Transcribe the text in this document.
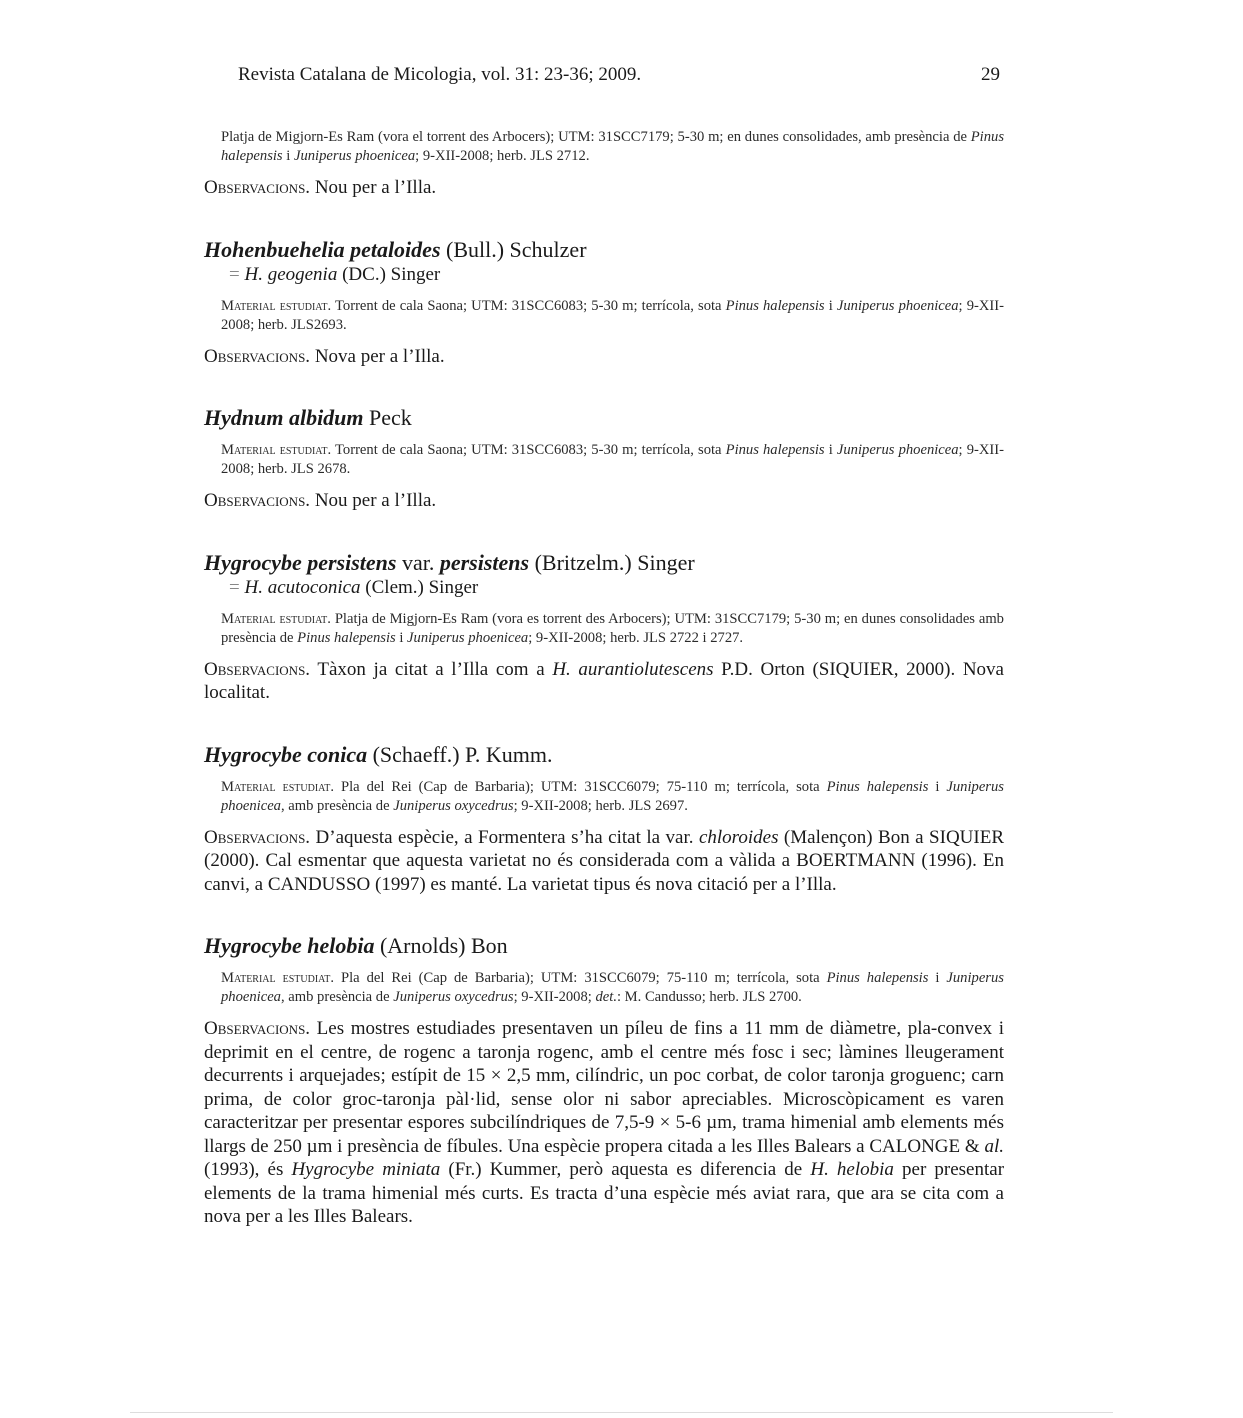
Revista Catalana de Micologia, vol. 31: 23-36; 2009.	29

Platja de Migjorn-Es Ram (vora el torrent des Arbocers); UTM: 31SCC7179; 5-30 m; en dunes consolidades, amb presència de Pinus halepensis i Juniperus phoenicea; 9-XII-2008; herb. JLS 2712.

Observacions. Nou per a l’Illa.

Hohenbuehelia petaloides (Bull.) Schulzer

= H. geogenia (DC.) Singer

Material estudiat. Torrent de cala Saona; UTM: 31SCC6083; 5-30 m; terrícola, sota Pinus halepensis i Juniperus phoenicea; 9-XII-2008; herb. JLS2693.

Observacions. Nova per a l’Illa.

Hydnum albidum Peck

Material estudiat. Torrent de cala Saona; UTM: 31SCC6083; 5-30 m; terrícola, sota Pinus halepensis i Juniperus phoenicea; 9-XII-2008; herb. JLS 2678.

Observacions. Nou per a l’Illa.

Hygrocybe persistens var. persistens (Britzelm.) Singer

= H. acutoconica (Clem.) Singer

Material estudiat. Platja de Migjorn-Es Ram (vora es torrent des Arbocers); UTM: 31SCC7179; 5-30 m; en dunes consolidades amb presència de Pinus halepensis i Juniperus phoenicea; 9-XII-2008; herb. JLS 2722 i 2727.

Observacions. Tàxon ja citat a l’Illa com a H. aurantiolutescens P.D. Orton (SIQUIER, 2000). Nova localitat.

Hygrocybe conica (Schaeff.) P. Kumm.

Material estudiat. Pla del Rei (Cap de Barbaria); UTM: 31SCC6079; 75-110 m; terrícola, sota Pinus halepensis i Juniperus phoenicea, amb presència de Juniperus oxycedrus; 9-XII-2008; herb. JLS 2697.

Observacions. D’aquesta espècie, a Formentera s’ha citat la var. chloroides (Malençon) Bon a SIQUIER (2000). Cal esmentar que aquesta varietat no és considerada com a vàlida a BOERTMANN (1996). En canvi, a CANDUSSO (1997) es manté. La varietat tipus és nova citació per a l’Illa.

Hygrocybe helobia (Arnolds) Bon

Material estudiat. Pla del Rei (Cap de Barbaria); UTM: 31SCC6079; 75-110 m; terrícola, sota Pinus halepensis i Juniperus phoenicea, amb presència de Juniperus oxycedrus; 9-XII-2008; det.: M. Candusso; herb. JLS 2700.

Observacions. Les mostres estudiades presentaven un píleu de fins a 11 mm de diàmetre, pla-convex i deprimit en el centre, de rogenc a taronja rogenc, amb el centre més fosc i sec; làmines lleugerament decurrents i arquejades; estípit de 15 × 2,5 mm, cilíndric, un poc corbat, de color taronja groguenc; carn prima, de color groc-taronja pàl·lid, sense olor ni sabor apreciables. Microscòpicament es varen caracteritzar per presentar espores subcilíndriques de 7,5-9 × 5-6 µm, trama himenial amb elements més llargs de 250 µm i presència de fíbules. Una espècie propera citada a les Illes Balears a CALONGE & al. (1993), és Hygrocybe miniata (Fr.) Kummer, però aquesta es diferencia de H. helobia per presentar elements de la trama himenial més curts. Es tracta d’una espècie més aviat rara, que ara se cita com a nova per a les Illes Balears.
